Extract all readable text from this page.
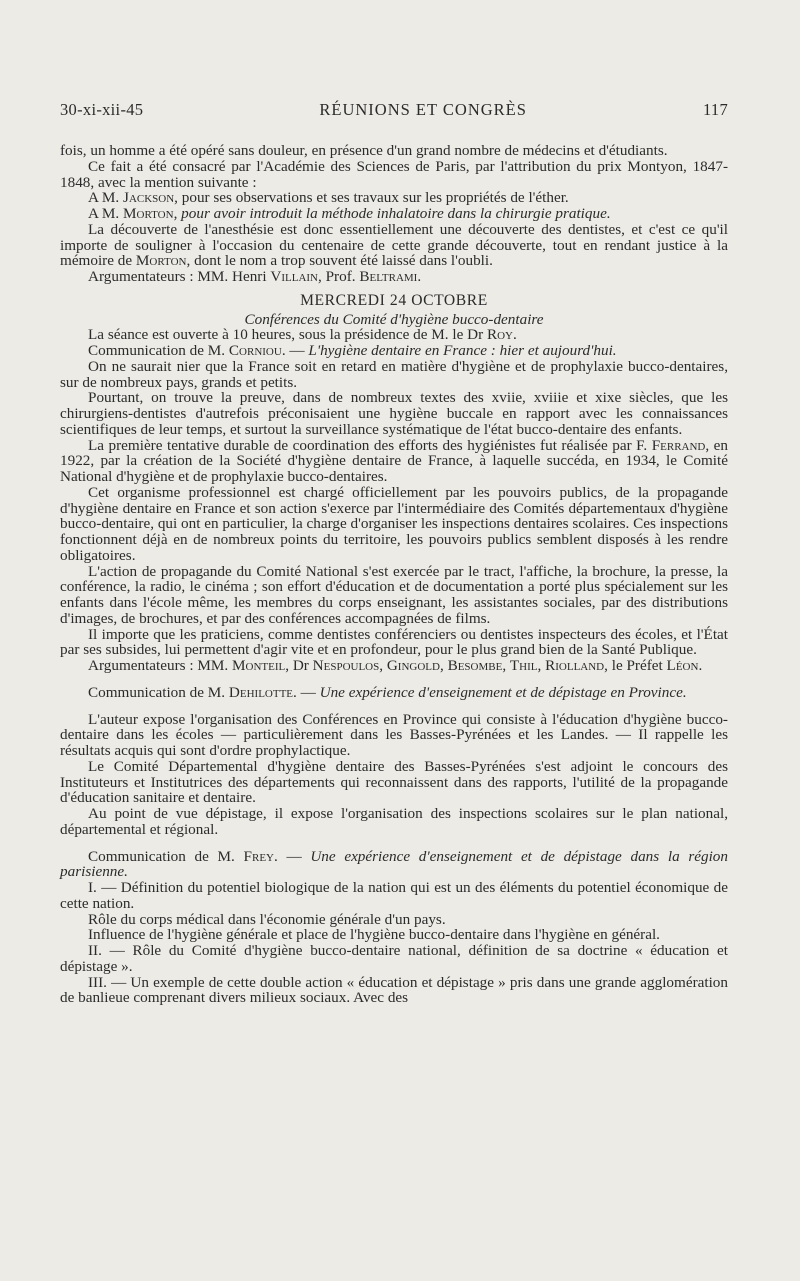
30-xi-xii-45	RÉUNIONS ET CONGRÈS	117

fois, un homme a été opéré sans douleur, en présence d'un grand nombre de médecins et d'étudiants.

Ce fait a été consacré par l'Académie des Sciences de Paris, par l'attribution du prix Montyon, 1847-1848, avec la mention suivante :

A M. Jackson, pour ses observations et ses travaux sur les propriétés de l'éther.

A M. Morton, pour avoir introduit la méthode inhalatoire dans la chirurgie pratique.

La découverte de l'anesthésie est donc essentiellement une découverte des dentistes, et c'est ce qu'il importe de souligner à l'occasion du centenaire de cette grande découverte, tout en rendant justice à la mémoire de Morton, dont le nom a trop souvent été laissé dans l'oubli.

Argumentateurs : MM. Henri Villain, Prof. Beltrami.

MERCREDI 24 OCTOBRE

Conférences du Comité d'hygiène bucco-dentaire

La séance est ouverte à 10 heures, sous la présidence de M. le Dr Roy.

Communication de M. Corniou. — L'hygiène dentaire en France : hier et aujourd'hui.

On ne saurait nier que la France soit en retard en matière d'hygiène et de prophylaxie bucco-dentaires, sur de nombreux pays, grands et petits.

Pourtant, on trouve la preuve, dans de nombreux textes des xviie, xviiie et xixe siècles, que les chirurgiens-dentistes d'autrefois préconisaient une hygiène buccale en rapport avec les connaissances scientifiques de leur temps, et surtout la surveillance systématique de l'état bucco-dentaire des enfants.

La première tentative durable de coordination des efforts des hygiénistes fut réalisée par F. Ferrand, en 1922, par la création de la Société d'hygiène dentaire de France, à laquelle succéda, en 1934, le Comité National d'hygiène et de prophylaxie bucco-dentaires.

Cet organisme professionnel est chargé officiellement par les pouvoirs publics, de la propagande d'hygiène dentaire en France et son action s'exerce par l'intermédiaire des Comités départementaux d'hygiène bucco-dentaire, qui ont en particulier, la charge d'organiser les inspections dentaires scolaires. Ces inspections fonctionnent déjà en de nombreux points du territoire, les pouvoirs publics semblent disposés à les rendre obligatoires.

L'action de propagande du Comité National s'est exercée par le tract, l'affiche, la brochure, la presse, la conférence, la radio, le cinéma ; son effort d'éducation et de documentation a porté plus spécialement sur les enfants dans l'école même, les membres du corps enseignant, les assistantes sociales, par des distributions d'images, de brochures, et par des conférences accompagnées de films.

Il importe que les praticiens, comme dentistes conférenciers ou dentistes inspecteurs des écoles, et l'État par ses subsides, lui permettent d'agir vite et en profondeur, pour le plus grand bien de la Santé Publique.

Argumentateurs : MM. Monteil, Dr Nespoulos, Gingold, Besombe, Thil, Riolland, le Préfet Léon.

Communication de M. Dehilotte. — Une expérience d'enseignement et de dépistage en Province.

L'auteur expose l'organisation des Conférences en Province qui consiste à l'éducation d'hygiène bucco-dentaire dans les écoles — particulièrement dans les Basses-Pyrénées et les Landes. — Il rappelle les résultats acquis qui sont d'ordre prophylactique.

Le Comité Départemental d'hygiène dentaire des Basses-Pyrénées s'est adjoint le concours des Instituteurs et Institutrices des départements qui reconnaissent dans des rapports, l'utilité de la propagande d'éducation sanitaire et dentaire.

Au point de vue dépistage, il expose l'organisation des inspections scolaires sur le plan national, départemental et régional.

Communication de M. Frey. — Une expérience d'enseignement et de dépistage dans la région parisienne.

I. — Définition du potentiel biologique de la nation qui est un des éléments du potentiel économique de cette nation.

Rôle du corps médical dans l'économie générale d'un pays.

Influence de l'hygiène générale et place de l'hygiène bucco-dentaire dans l'hygiène en général.

II. — Rôle du Comité d'hygiène bucco-dentaire national, définition de sa doctrine « éducation et dépistage ».

III. — Un exemple de cette double action « éducation et dépistage » pris dans une grande agglomération de banlieue comprenant divers milieux sociaux. Avec des
